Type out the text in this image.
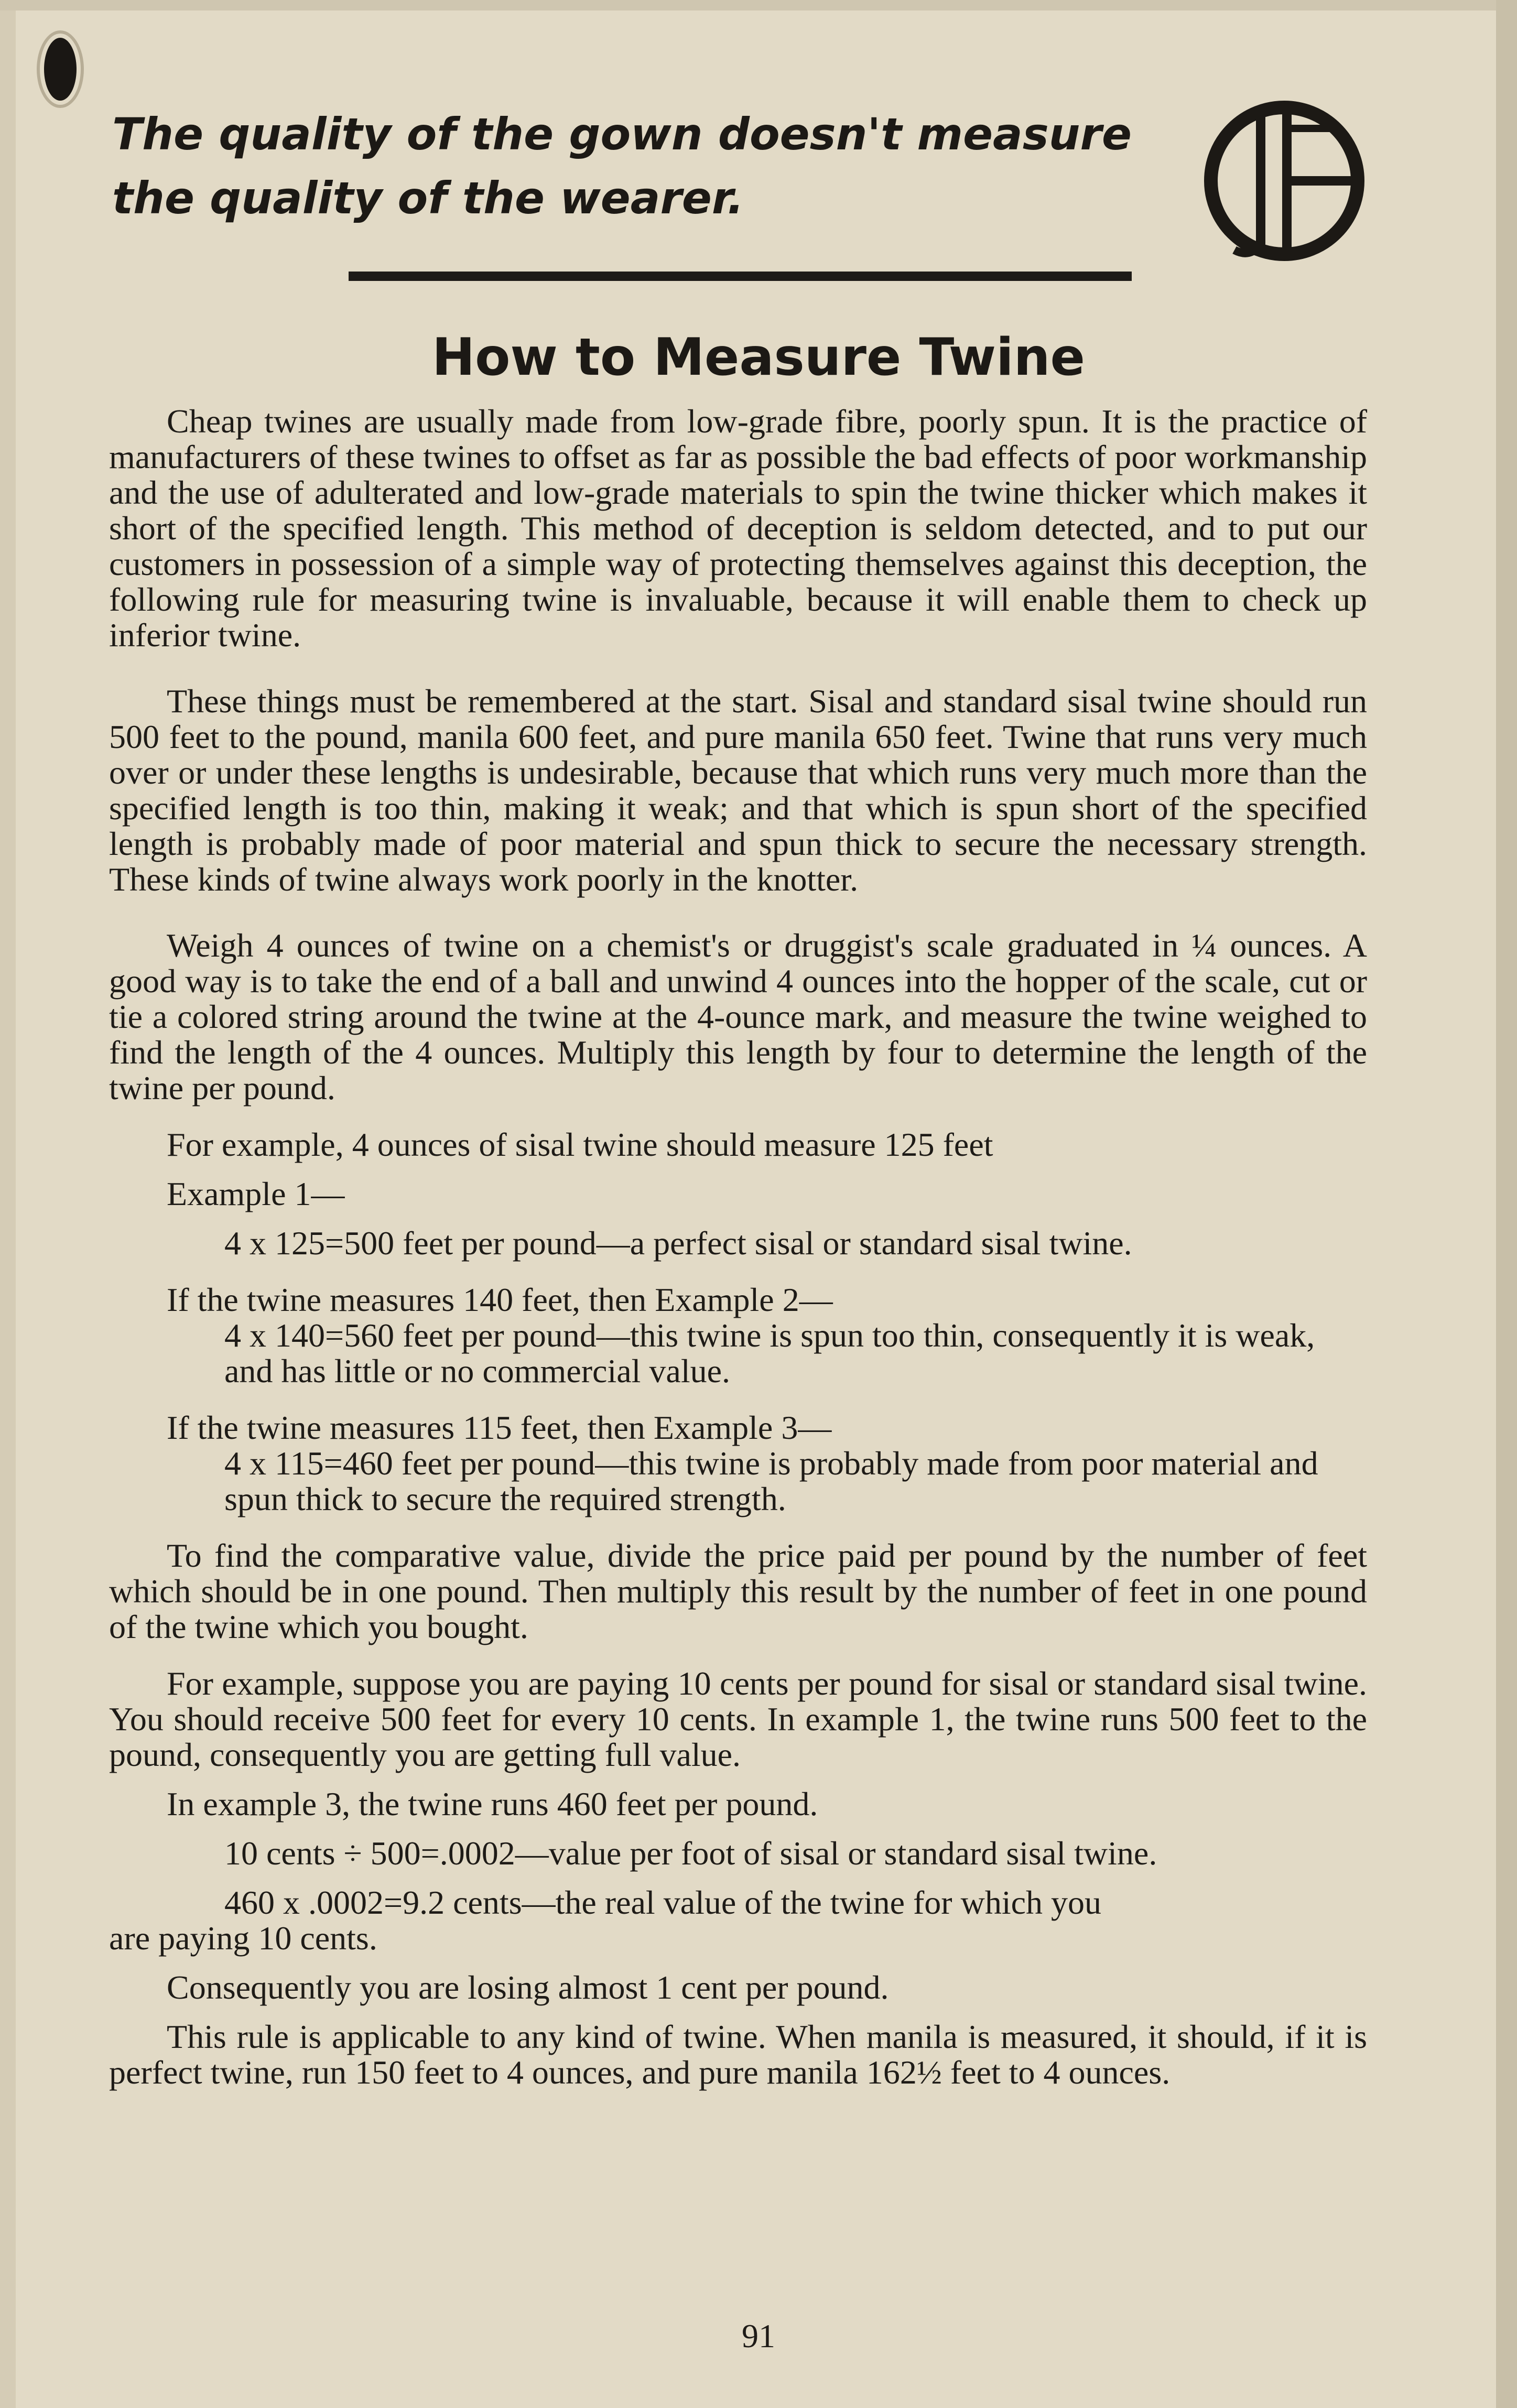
The quality of the gown doesn't measure the quality of the wearer.

How to Measure Twine

Cheap twines are usually made from low-grade fibre, poorly spun. It is the practice of manufacturers of these twines to offset as far as possible the bad effects of poor workmanship and the use of adulterated and low-grade materials to spin the twine thicker which makes it short of the specified length. This method of deception is seldom detected, and to put our customers in possession of a simple way of protecting themselves against this deception, the following rule for measuring twine is invaluable, because it will enable them to check up inferior twine.

These things must be remembered at the start. Sisal and standard sisal twine should run 500 feet to the pound, manila 600 feet, and pure manila 650 feet. Twine that runs very much over or under these lengths is undesirable, because that which runs very much more than the specified length is too thin, making it weak; and that which is spun short of the specified length is probably made of poor material and spun thick to secure the necessary strength. These kinds of twine always work poorly in the knotter.

Weigh 4 ounces of twine on a chemist's or druggist's scale graduated in ¼ ounces. A good way is to take the end of a ball and unwind 4 ounces into the hopper of the scale, cut or tie a colored string around the twine at the 4-ounce mark, and measure the twine weighed to find the length of the 4 ounces. Multiply this length by four to determine the length of the twine per pound.

For example, 4 ounces of sisal twine should measure 125 feet

Example 1—

4 x 125=500 feet per pound—a perfect sisal or standard sisal twine.

If the twine measures 140 feet, then Example 2—
4 x 140=560 feet per pound—this twine is spun too thin, consequently it is weak, and has little or no commercial value.
If the twine measures 115 feet, then Example 3—
4 x 115=460 feet per pound—this twine is probably made from poor material and spun thick to secure the required strength.

To find the comparative value, divide the price paid per pound by the number of feet which should be in one pound. Then multiply this result by the number of feet in one pound of the twine which you bought.

For example, suppose you are paying 10 cents per pound for sisal or standard sisal twine. You should receive 500 feet for every 10 cents. In example 1, the twine runs 500 feet to the pound, consequently you are getting full value.

In example 3, the twine runs 460 feet per pound.

10 cents ÷ 500=.0002—value per foot of sisal or standard sisal twine.

460 x .0002=9.2 cents—the real value of the twine for which you
are paying 10 cents.

Consequently you are losing almost 1 cent per pound.

This rule is applicable to any kind of twine. When manila is measured, it should, if it is perfect twine, run 150 feet to 4 ounces, and pure manila 162½ feet to 4 ounces.

91
